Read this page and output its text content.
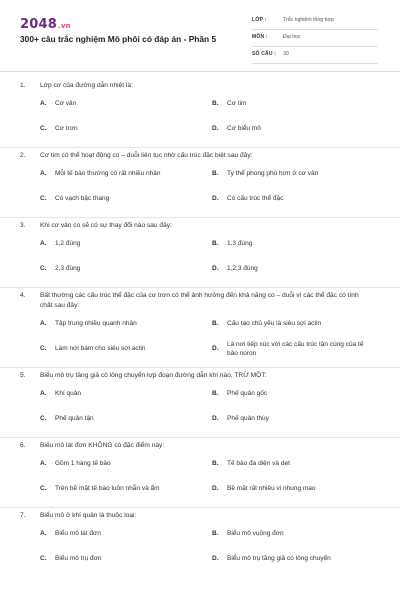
2048.vn
300+ câu trắc nghiệm Mô phôi có đáp án - Phần 5
LỚP :	Trắc nghiệm tổng hợp
MÔN :	Đại học
SỐ CÂU : 30
1.	Lớp cơ của đường dẫn nhiệt là:
A.	Cơ vân	B.	Cơ tim
C.	Cơ trơn	D.	Cơ biểu mô
2.	Cơ tim có thể hoạt động co – duỗi liên tục nhờ cấu trúc đặc biệt sau đây:
A.	Mỗi tế bào thường có rất nhiều nhân	B.	Ty thể phong phú hơn ở cơ vân
C.	Có vạch bậc thang	D.	Có cấu trúc thể đặc
3.	Khi cơ vân co sẽ có sự thay đổi nào sau đây:
A.	1,2 đúng	B.	1,3 đúng
C.	2,3 đúng	D.	1,2,3 đúng
4.	Bất thường các cấu trúc thể đặc của cơ trơn có thể ảnh hưởng đến khả năng co – duỗi vì các thể đặc có tính chất sau đây:
A.	Tập trung nhiều quanh nhân	B.	Cấu tạo chủ yếu là siêu sợi actin
C.	Làm nơi bám cho siêu sợi actin	D.
Là nơi tiếp xúc với các cấu trúc tận cùng của tế bào noron
5.	Biểu mô trụ tầng giả có lông chuyển lợp đoạn đường dẫn khí nào, TRỪ MỘT:
A.	Khí quản	B.	Phế quản gốc
C.	Phế quản tận	D.	Phế quản thùy
6.	Biểu mô lát đơn KHÔNG có đặc điểm này:
A.	Gồm 1 hàng tế bào	B.	Tế bào đa diện và dẹt
C.	Trên bề mặt tế bào luôn nhẵn và ẩm	D.	Bề mặt rất nhiều vi nhung mao
7.	Biểu mô ở khí quản là thuộc loại:
A.	Biểu mô lát đơn	B.	Biểu mô vuông đơn
C.	Biểu mô trụ đơn	D.	Biểu mô trụ tầng giả có lông chuyển
